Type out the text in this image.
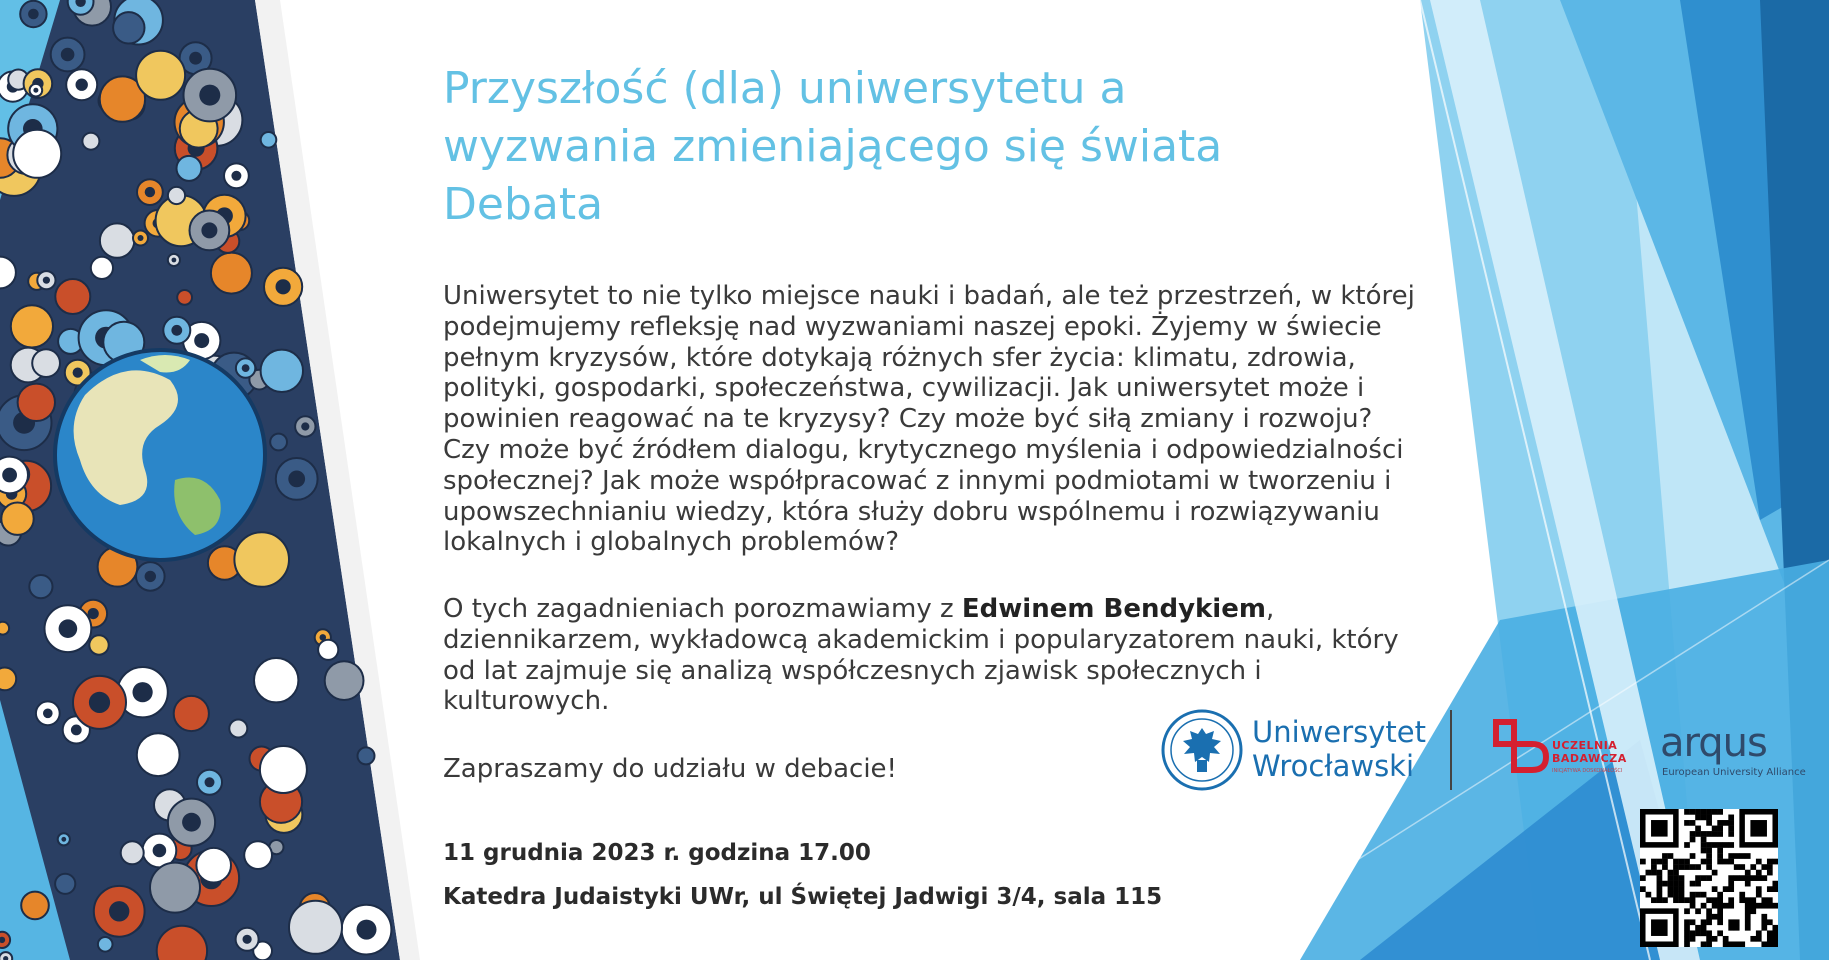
Przyszłość (dla) uniwersytetu a
wyzwania zmieniającego się świata
Debata
Uniwersytet to nie tylko miejsce nauki i badań, ale też przestrzeń, w której
podejmujemy refleksję nad wyzwaniami naszej epoki. Żyjemy w świecie
pełnym kryzysów, które dotykają różnych sfer życia: klimatu, zdrowia,
polityki, gospodarki, społeczeństwa, cywilizacji. Jak uniwersytet może i
powinien reagować na te kryzysy? Czy może być siłą zmiany i rozwoju?
Czy może być źródłem dialogu, krytycznego myślenia i odpowiedzialności
społecznej? Jak może współpracować z innymi podmiotami w tworzeniu i
upowszechnianiu wiedzy, która służy dobru wspólnemu i rozwiązywaniu
lokalnych i globalnych problemów?
O tych zagadnieniach porozmawiamy z Edwinem Bendykiem,
dziennikarzem, wykładowcą akademickim i popularyzatorem nauki, który
od lat zajmuje się analizą współczesnych zjawisk społecznych i
kulturowych.
Zapraszamy do udziału w debacie!
11 grudnia 2023 r. godzina 17.00
Katedra Judaistyki UWr, ul Świętej Jadwigi 3/4, sala 115
Uniwersytet
Wrocławski
UCZELNIA
BADAWCZA
INICJATYWA DOSKONAŁOŚCI
arqus
European University Alliance
